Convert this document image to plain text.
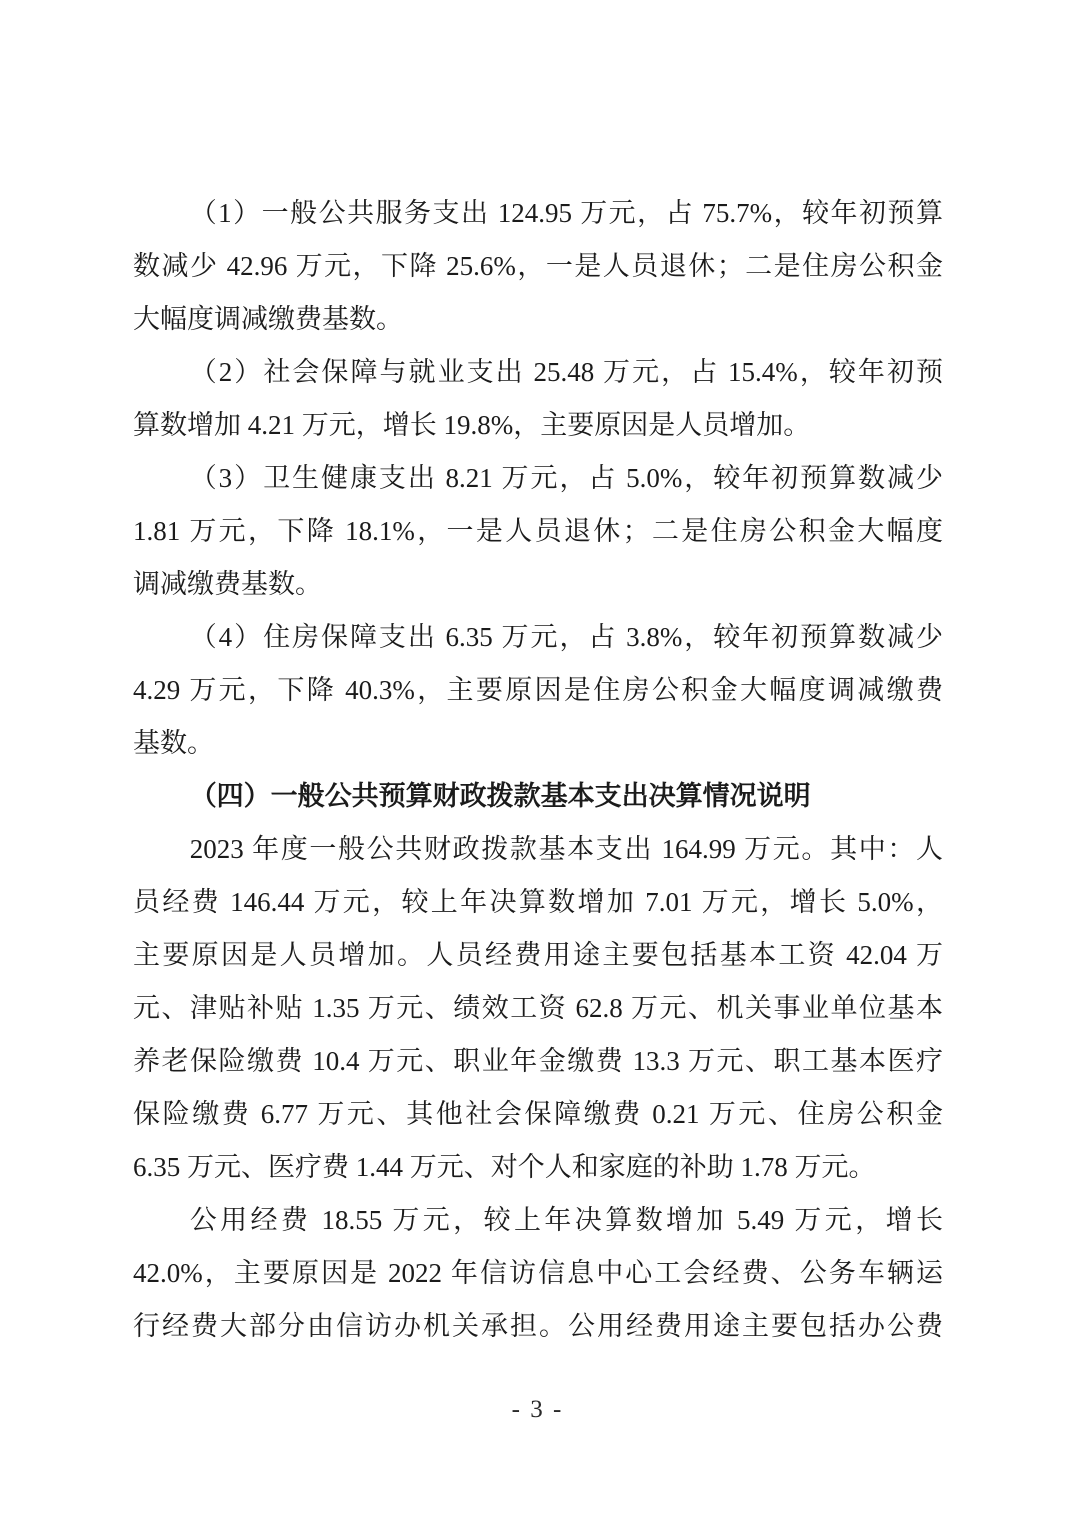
（1）一般公共服务支出 124.95 万元，占 75.7%，较年初预算
数减少 42.96 万元，下降 25.6%，一是人员退休；二是住房公积金
大幅度调减缴费基数。
（2）社会保障与就业支出 25.48 万元，占 15.4%，较年初预
算数增加 4.21 万元，增长 19.8%，主要原因是人员增加。
（3）卫生健康支出 8.21 万元，占 5.0%，较年初预算数减少
1.81 万元，下降 18.1%，一是人员退休；二是住房公积金大幅度
调减缴费基数。
（4）住房保障支出 6.35 万元，占 3.8%，较年初预算数减少
4.29 万元，下降 40.3%，主要原因是住房公积金大幅度调减缴费
基数。
（四）一般公共预算财政拨款基本支出决算情况说明
2023 年度一般公共财政拨款基本支出 164.99 万元。其中：人
员经费 146.44 万元，较上年决算数增加 7.01 万元，增长 5.0%，
主要原因是人员增加。人员经费用途主要包括基本工资 42.04 万
元、津贴补贴 1.35 万元、绩效工资 62.8 万元、机关事业单位基本
养老保险缴费 10.4 万元、职业年金缴费 13.3 万元、职工基本医疗
保险缴费 6.77 万元、其他社会保障缴费 0.21 万元、住房公积金
6.35 万元、医疗费 1.44 万元、对个人和家庭的补助 1.78 万元。
公用经费 18.55 万元，较上年决算数增加 5.49 万元，增长
42.0%，主要原因是 2022 年信访信息中心工会经费、公务车辆运
行经费大部分由信访办机关承担。公用经费用途主要包括办公费
- 3 -
